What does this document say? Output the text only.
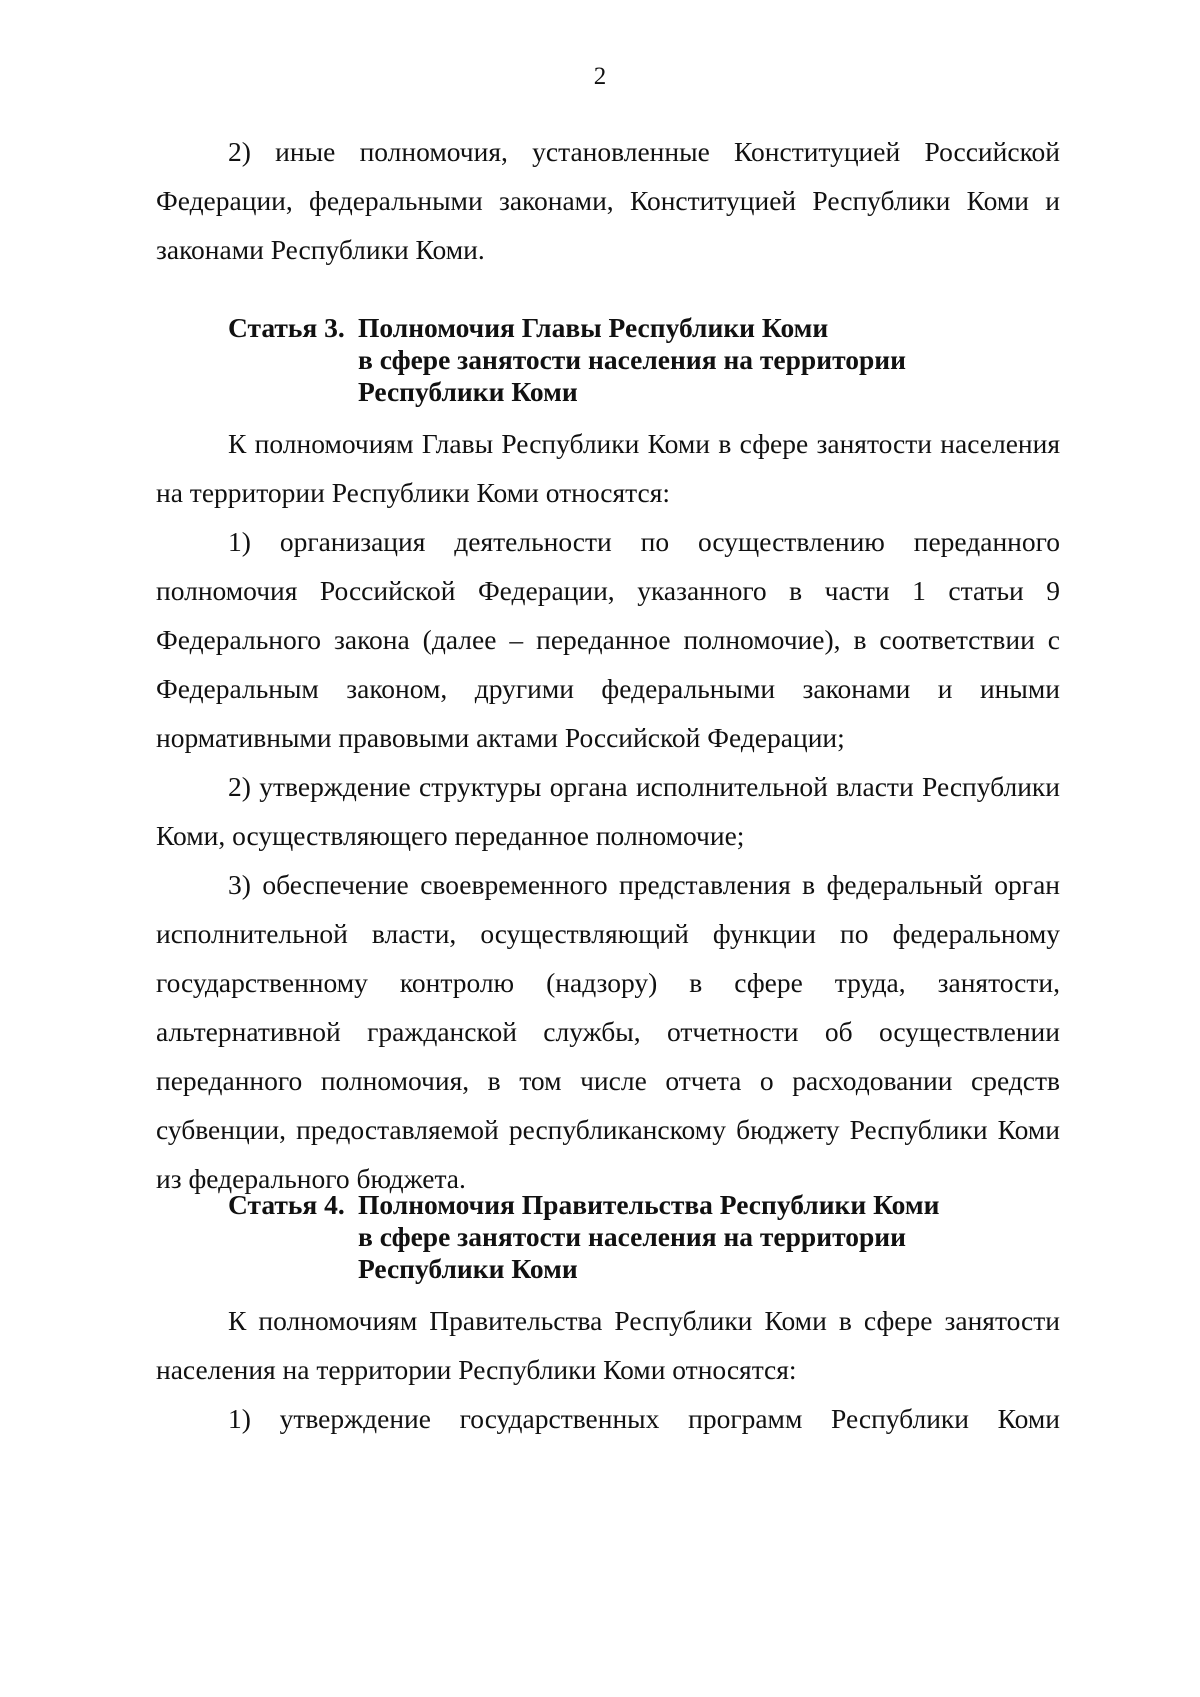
2

2) иные полномочия, установленные Конституцией Российской Федерации, федеральными законами, Конституцией Республики Коми и законами Республики Коми.

Статья 3. Полномочия Главы Республики Коми
в сфере занятости населения на территории
Республики Коми

К полномочиям Главы Республики Коми в сфере занятости населения на территории Республики Коми относятся:

1) организация деятельности по осуществлению переданного полномочия Российской Федерации, указанного в части 1 статьи 9 Федерального закона (далее – переданное полномочие), в соответствии с Федеральным законом, другими федеральными законами и иными нормативными правовыми актами Российской Федерации;

2) утверждение структуры органа исполнительной власти Республики Коми, осуществляющего переданное полномочие;

3) обеспечение своевременного представления в федеральный орган исполнительной власти, осуществляющий функции по федеральному государственному контролю (надзору) в сфере труда, занятости, альтернативной гражданской службы, отчетности об осуществлении переданного полномочия, в том числе отчета о расходовании средств субвенции, предоставляемой республиканскому бюджету Республики Коми из федерального бюджета.

Статья 4. Полномочия Правительства Республики Коми
в сфере занятости населения на территории
Республики Коми

К полномочиям Правительства Республики Коми в сфере занятости населения на территории Республики Коми относятся:

1) утверждение государственных программ Республики Коми
